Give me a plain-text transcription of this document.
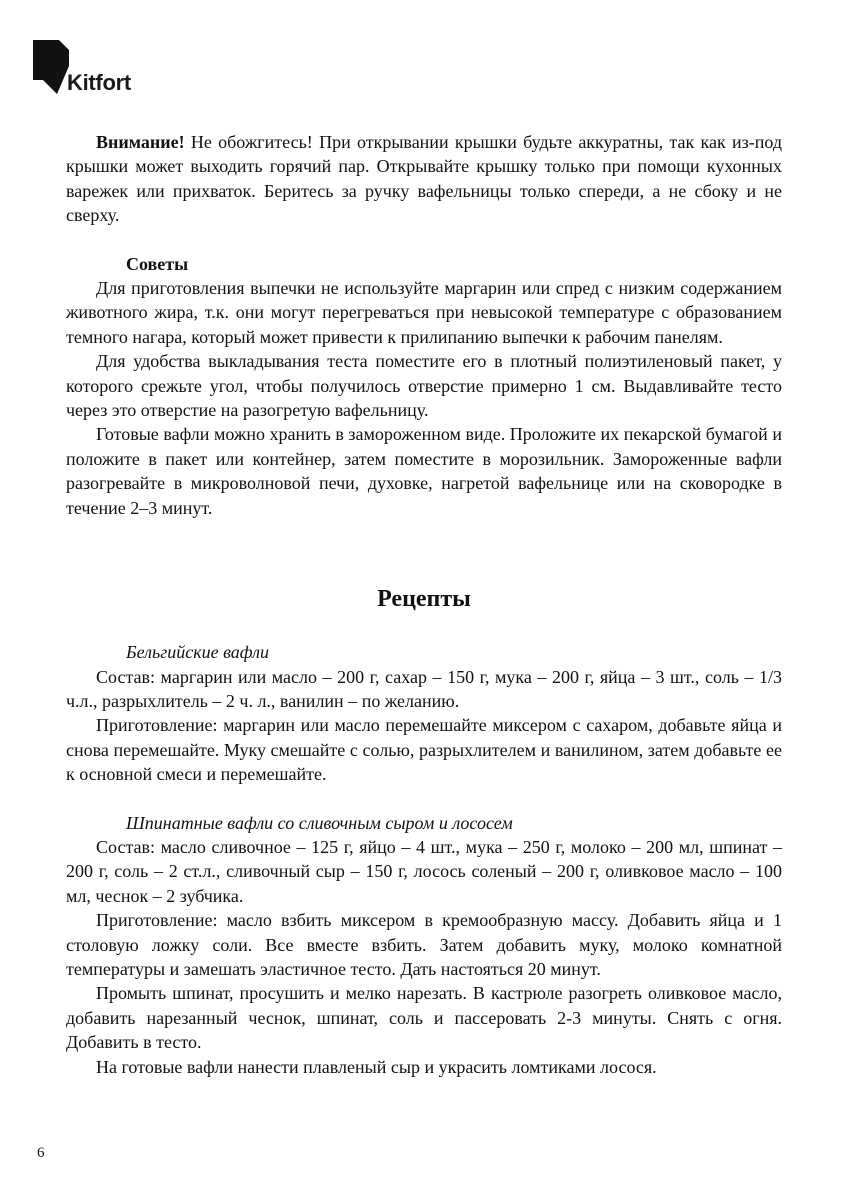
Kitfort

Внимание! Не обожгитесь! При открывании крышки будьте аккуратны, так как из-под крышки может выходить горячий пар. Открывайте крышку только при помощи кухонных варежек или прихваток. Беритесь за ручку вафельницы только спереди, а не сбоку и не сверху.

Советы

Для приготовления выпечки не используйте маргарин или спред с низким содержанием животного жира, т.к. они могут перегреваться при невысокой температуре с образованием темного нагара, который может привести к прилипанию выпечки к рабочим панелям.

Для удобства выкладывания теста поместите его в плотный полиэтиленовый пакет, у которого срежьте угол, чтобы получилось отверстие примерно 1 см. Выдавливайте тесто через это отверстие на разогретую вафельницу.

Готовые вафли можно хранить в замороженном виде. Проложите их пекарской бумагой и положите в пакет или контейнер, затем поместите в морозильник. Замороженные вафли разогревайте в микроволновой печи, духовке, нагретой вафельнице или на сковородке в течение 2–3 минут.

Рецепты

Бельгийские вафли

Состав: маргарин или масло – 200 г, сахар – 150 г, мука – 200 г, яйца – 3 шт., соль – 1/3 ч.л., разрыхлитель – 2 ч. л., ванилин – по желанию.

Приготовление: маргарин или масло перемешайте миксером с сахаром, добавьте яйца и снова перемешайте. Муку смешайте с солью, разрыхлителем и ванилином, затем добавьте ее к основной смеси и перемешайте.

Шпинатные вафли со сливочным сыром и лососем

Состав: масло сливочное – 125 г, яйцо – 4 шт., мука – 250 г, молоко – 200 мл, шпинат – 200 г, соль – 2 ст.л., сливочный сыр – 150 г, лосось соленый – 200 г, оливковое масло – 100 мл, чеснок – 2 зубчика.

Приготовление: масло взбить миксером в кремообразную массу. Добавить яйца и 1 столовую ложку соли. Все вместе взбить. Затем добавить муку, молоко комнатной температуры и замешать эластичное тесто. Дать настояться 20 минут.

Промыть шпинат, просушить и мелко нарезать. В кастрюле разогреть оливковое масло, добавить нарезанный чеснок, шпинат, соль и пассеровать 2-3 минуты. Снять с огня. Добавить в тесто.

На готовые вафли нанести плавленый сыр и украсить ломтиками лосося.

6
